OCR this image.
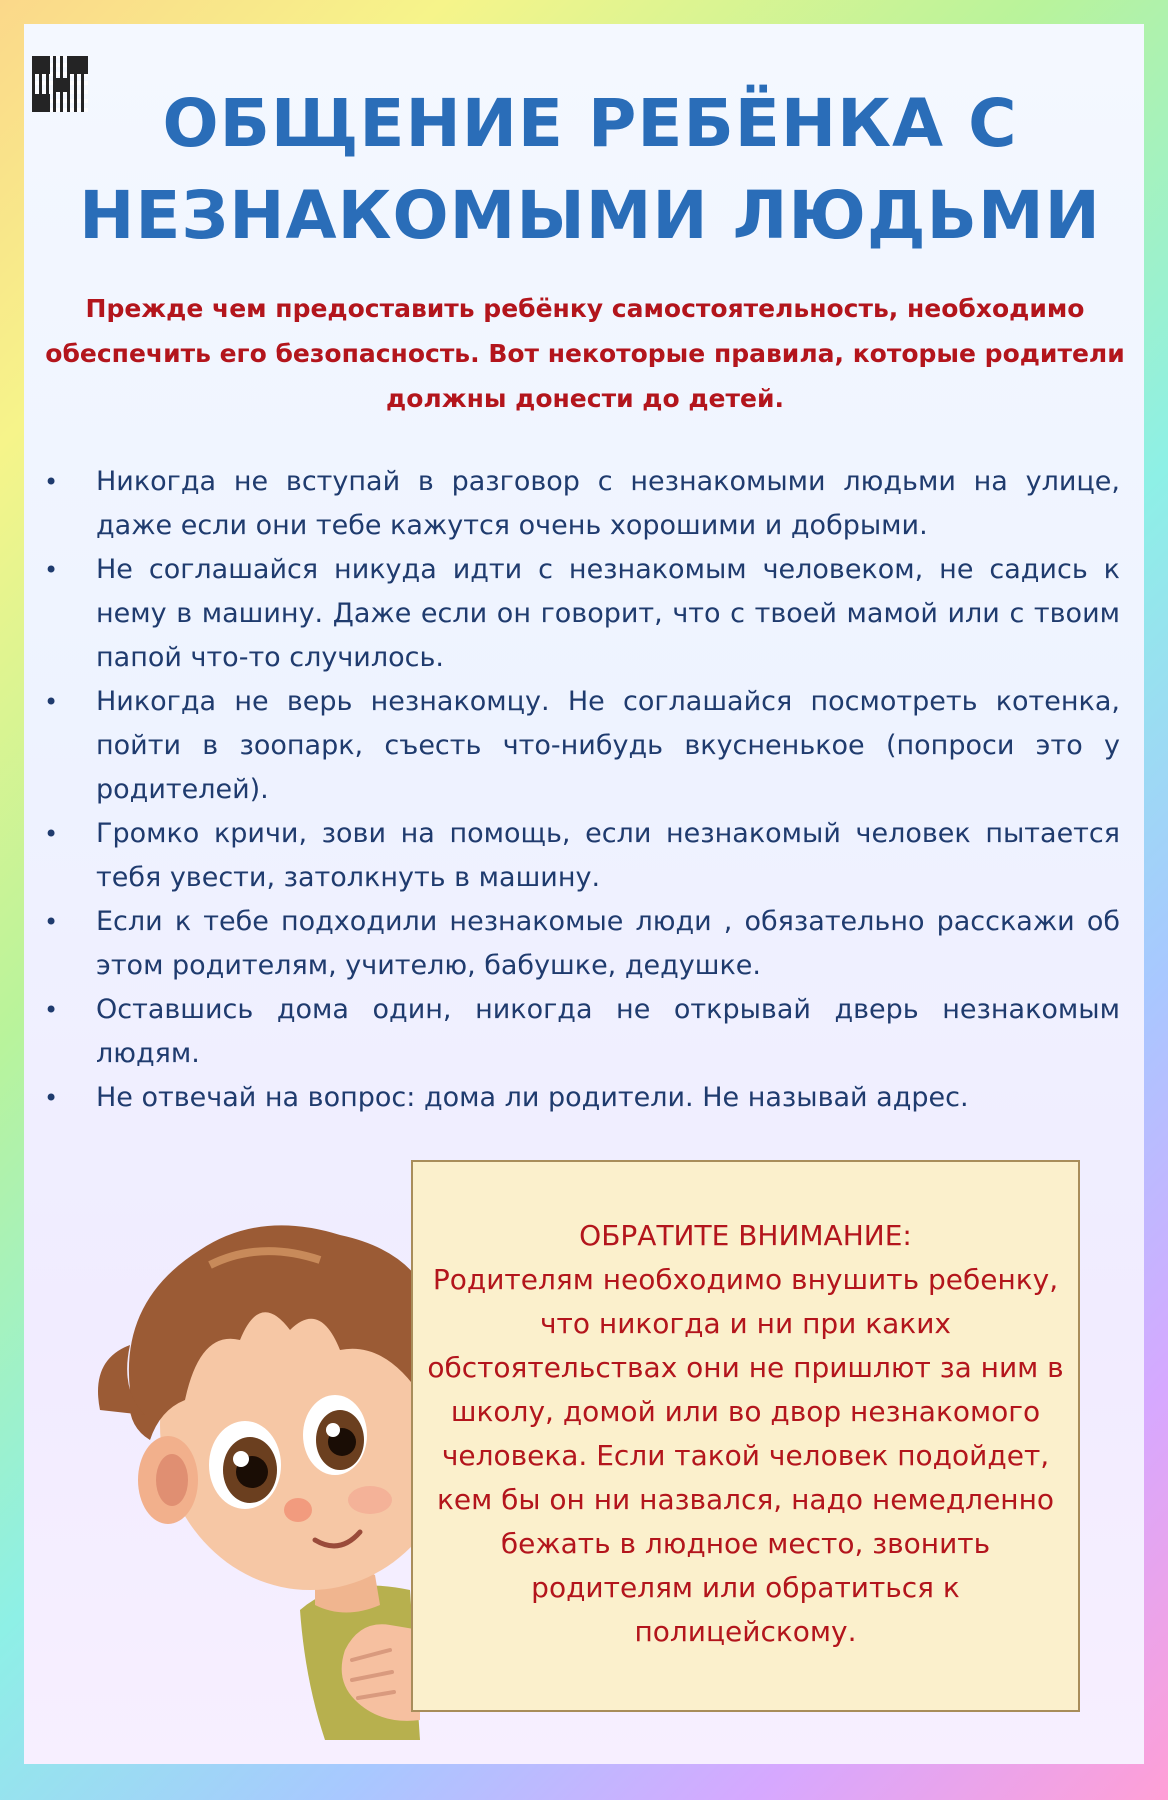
ОБЩЕНИЕ РЕБЁНКА С
НЕЗНАКОМЫМИ ЛЮДЬМИ

Прежде чем предоставить ребёнку самостоятельность, необходимо обеспечить его безопасность. Вот некоторые правила, которые родители должны донести до детей.

• Никогда не вступай в разговор с незнакомыми людьми на улице, даже если они тебе кажутся очень хорошими и добрыми.
• Не соглашайся никуда идти с незнакомым человеком, не садись к нему в машину. Даже если он говорит, что с твоей мамой или с твоим папой что-то случилось.
• Никогда не верь незнакомцу. Не соглашайся посмотреть котенка, пойти в зоопарк, съесть что-нибудь вкусненькое (попроси это у родителей).
• Громко кричи, зови на помощь, если незнакомый человек пытается тебя увести, затолкнуть в машину.
• Если к тебе подходили незнакомые люди , обязательно расскажи об этом родителям, учителю, бабушке, дедушке.
• Оставшись дома один, никогда не открывай дверь незнакомым людям.
• Не отвечай на вопрос: дома ли родители. Не называй адрес.

ОБРАТИТЕ ВНИМАНИЕ:

Родителям необходимо внушить ребенку, что никогда и ни при каких обстоятельствах они не пришлют за ним в школу, домой или во двор незнакомого человека. Если такой человек подойдет, кем бы он ни назвался, надо немедленно бежать в людное место, звонить родителям или обратиться к полицейскому.
